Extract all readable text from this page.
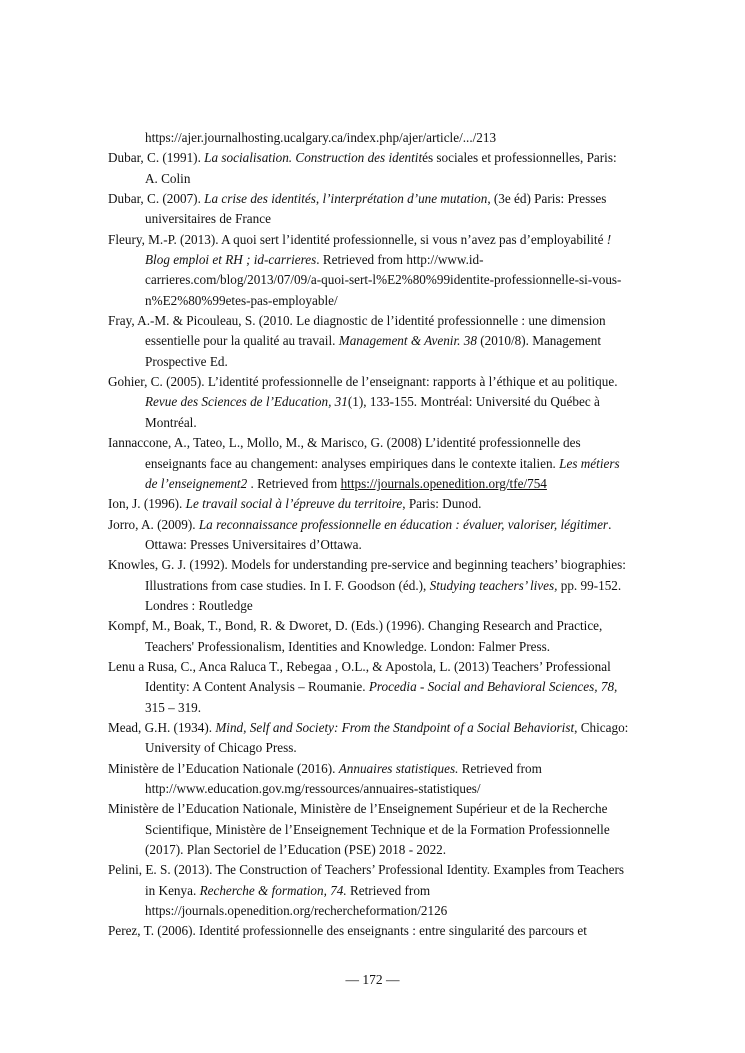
https://ajer.journalhosting.ucalgary.ca/index.php/ajer/article/.../213

Dubar, C. (1991). La socialisation. Construction des identités sociales et professionnelles, Paris: A. Colin

Dubar, C. (2007). La crise des identités, l’interprétation d’une mutation, (3e éd) Paris: Presses universitaires de France

Fleury, M.-P. (2013). A quoi sert l’identité professionnelle, si vous n’avez pas d’employabilité ! Blog emploi et RH ; id-carrieres. Retrieved from http://www.id-carrieres.com/blog/2013/07/09/a-quoi-sert-l%E2%80%99identite-professionnelle-si-vous-n%E2%80%99etes-pas-employable/

Fray, A.-M. & Picouleau, S. (2010. Le diagnostic de l’identité professionnelle : une dimension essentielle pour la qualité au travail. Management & Avenir. 38 (2010/8). Management Prospective Ed.

Gohier, C. (2005). L’identité professionnelle de l’enseignant: rapports à l’éthique et au politique. Revue des Sciences de l’Education, 31(1), 133-155. Montréal: Université du Québec à Montréal.

Iannaccone, A., Tateo, L., Mollo, M., & Marisco, G. (2008) L’identité professionnelle des enseignants face au changement: analyses empiriques dans le contexte italien. Les métiers de l’enseignement2 . Retrieved from https://journals.openedition.org/tfe/754

Ion, J. (1996). Le travail social à l’épreuve du territoire, Paris: Dunod.

Jorro, A. (2009). La reconnaissance professionnelle en éducation : évaluer, valoriser, légitimer. Ottawa: Presses Universitaires d’Ottawa.

Knowles, G. J. (1992). Models for understanding pre-service and beginning teachers’ biographies: Illustrations from case studies. In I. F. Goodson (éd.), Studying teachers’ lives, pp. 99-152. Londres : Routledge

Kompf, M., Boak, T., Bond, R. & Dworet, D. (Eds.) (1996). Changing Research and Practice, Teachers' Professionalism, Identities and Knowledge. London: Falmer Press.

Lenu a Rusa, C., Anca Raluca T., Rebegaa , O.L., & Apostola, L. (2013) Teachers’ Professional Identity: A Content Analysis – Roumanie. Procedia - Social and Behavioral Sciences, 78, 315 – 319.

Mead, G.H. (1934). Mind, Self and Society: From the Standpoint of a Social Behaviorist, Chicago: University of Chicago Press.

Ministère de l’Education Nationale (2016). Annuaires statistiques. Retrieved from http://www.education.gov.mg/ressources/annuaires-statistiques/

Ministère de l’Education Nationale, Ministère de l’Enseignement Supérieur et de la Recherche Scientifique, Ministère de l’Enseignement Technique et de la Formation Professionnelle (2017). Plan Sectoriel de l’Education (PSE) 2018 - 2022.

Pelini, E. S. (2013). The Construction of Teachers’ Professional Identity. Examples from Teachers in Kenya. Recherche & formation, 74. Retrieved from https://journals.openedition.org/rechercheformation/2126

Perez, T. (2006). Identité professionnelle des enseignants : entre singularité des parcours et

— 172 —
